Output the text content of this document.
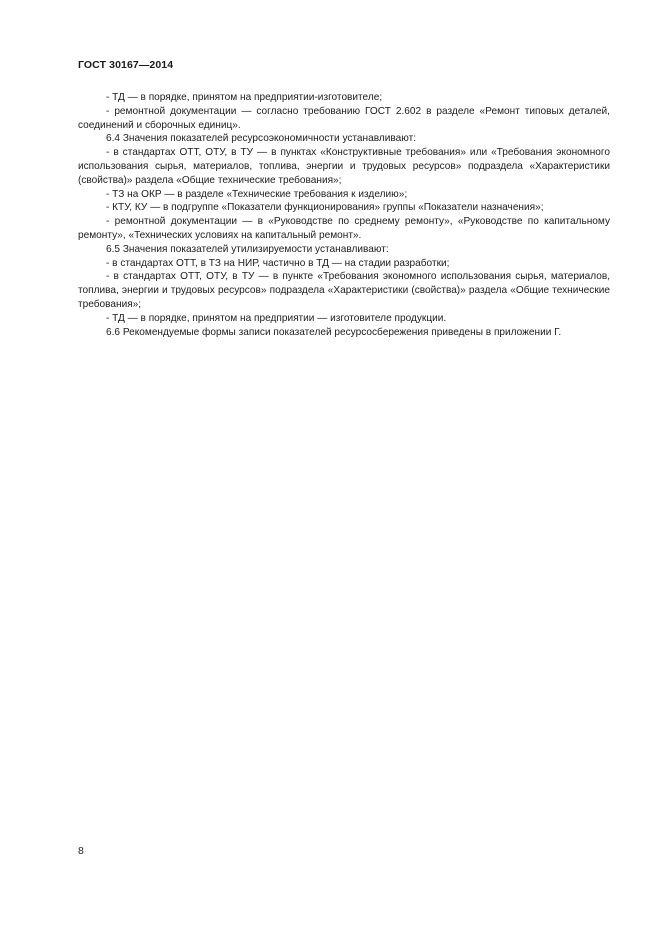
ГОСТ 30167—2014

- ТД — в порядке, принятом на предприятии-изготовителе;

- ремонтной документации — согласно требованию ГОСТ 2.602 в разделе «Ремонт типовых деталей, соединений и сборочных единиц».

6.4 Значения показателей ресурсоэкономичности устанавливают:

- в стандартах ОТТ, ОТУ, в ТУ — в пунктах «Конструктивные требования» или «Требования экономного использования сырья, материалов, топлива, энергии и трудовых ресурсов» подраздела «Характеристики (свойства)» раздела «Общие технические требования»;

- ТЗ на ОКР — в разделе «Технические требования к изделию»;

- КТУ, КУ — в подгруппе «Показатели функционирования» группы «Показатели назначения»;

- ремонтной документации — в «Руководстве по среднему ремонту», «Руководстве по капитальному ремонту», «Технических условиях на капитальный ремонт».

6.5 Значения показателей утилизируемости устанавливают:

- в стандартах ОТТ, в ТЗ на НИР, частично в ТД — на стадии разработки;

- в стандартах ОТТ, ОТУ, в ТУ — в пункте «Требования экономного использования сырья, материалов, топлива, энергии и трудовых ресурсов» подраздела «Характеристики (свойства)» раздела «Общие технические требования»;

- ТД — в порядке, принятом на предприятии — изготовителе продукции.

6.6 Рекомендуемые формы записи показателей ресурсосбережения приведены в приложении Г.

8
